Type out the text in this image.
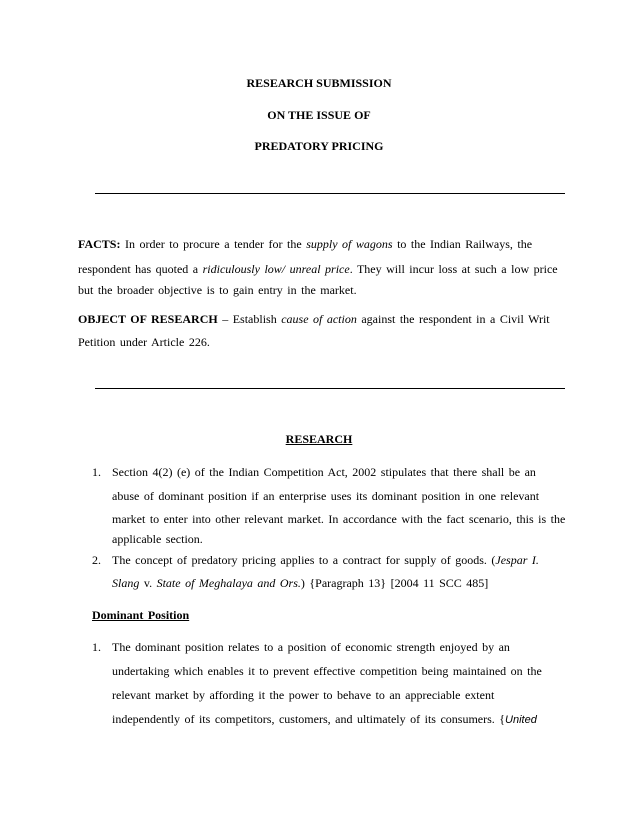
RESEARCH SUBMISSION
ON THE ISSUE OF
PREDATORY PRICING
FACTS: In order to procure a tender for the supply of wagons to the Indian Railways, the
respondent has quoted a ridiculously low/ unreal price. They will incur loss at such a low price
but the broader objective is to gain entry in the market.
OBJECT OF RESEARCH – Establish cause of action against the respondent in a Civil Writ
Petition under Article 226.
RESEARCH
1. Section 4(2) (e) of the Indian Competition Act, 2002 stipulates that there shall be an
abuse of dominant position if an enterprise uses its dominant position in one relevant
market to enter into other relevant market. In accordance with the fact scenario, this is the
applicable section.
2. The concept of predatory pricing applies to a contract for supply of goods. (Jespar I.
Slang v. State of Meghalaya and Ors.) {Paragraph 13} [2004 11 SCC 485]
Dominant Position
1. The dominant position relates to a position of economic strength enjoyed by an
undertaking which enables it to prevent effective competition being maintained on the
relevant market by affording it the power to behave to an appreciable extent
independently of its competitors, customers, and ultimately of its consumers. {United
